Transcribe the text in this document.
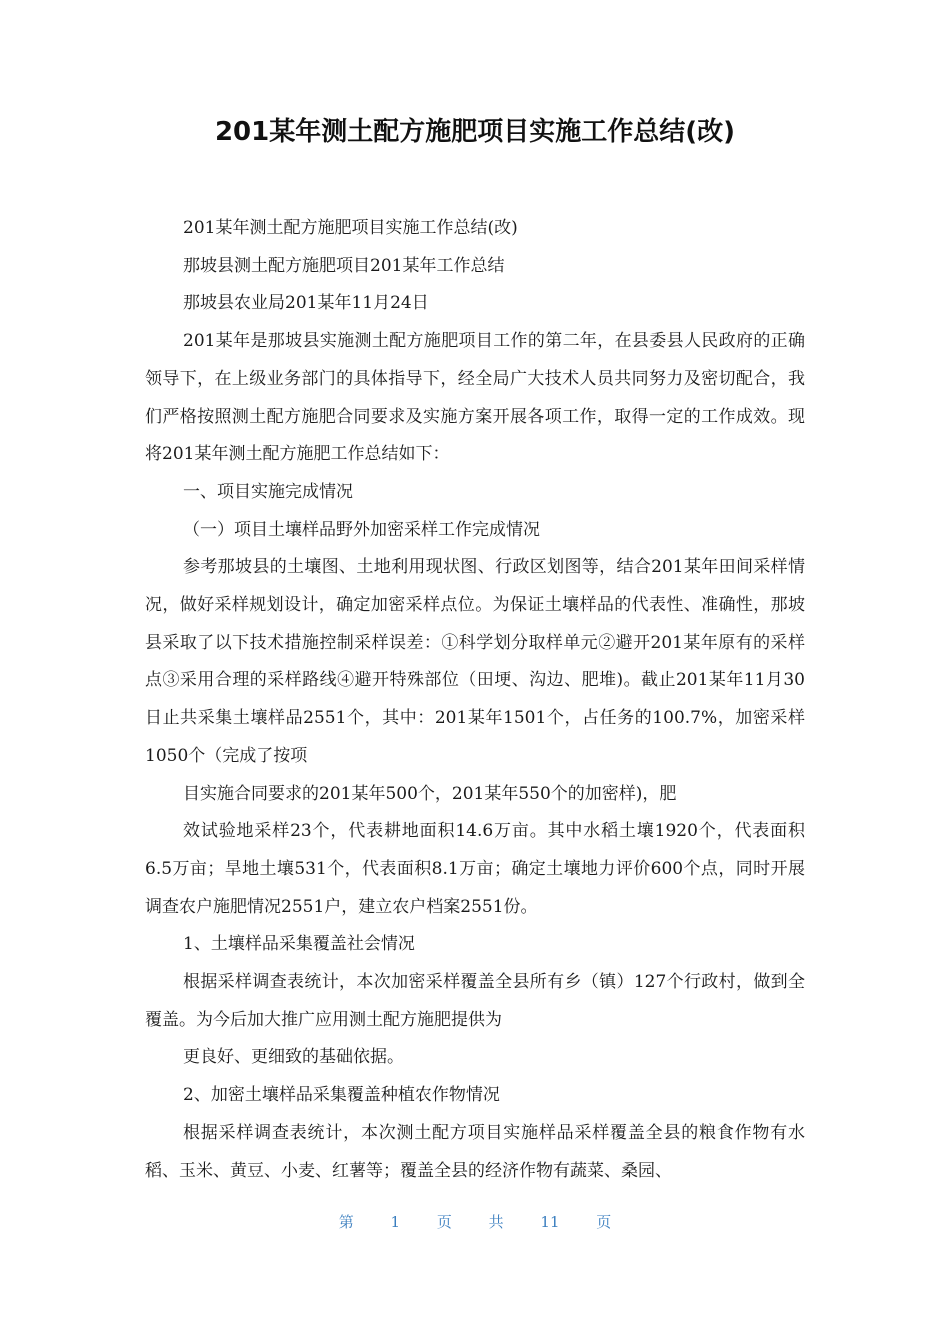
201某年测土配方施肥项目实施工作总结(改)

201某年测土配方施肥项目实施工作总结(改)

那坡县测土配方施肥项目201某年工作总结

那坡县农业局201某年11月24日

201某年是那坡县实施测土配方施肥项目工作的第二年，在县委县人民政府的正确领导下，在上级业务部门的具体指导下，经全局广大技术人员共同努力及密切配合，我们严格按照测土配方施肥合同要求及实施方案开展各项工作，取得一定的工作成效。现将201某年测土配方施肥工作总结如下：

一、项目实施完成情况

（一）项目土壤样品野外加密采样工作完成情况

参考那坡县的土壤图、土地利用现状图、行政区划图等，结合201某年田间采样情况，做好采样规划设计，确定加密采样点位。为保证土壤样品的代表性、准确性，那坡县采取了以下技术措施控制采样误差：①科学划分取样单元②避开201某年原有的采样点③采用合理的采样路线④避开特殊部位（田埂、沟边、肥堆)。截止201某年11月30日止共采集土壤样品2551个，其中：201某年1501个，占任务的100.7%，加密采样1050个（完成了按项

目实施合同要求的201某年500个，201某年550个的加密样)，肥

效试验地采样23个，代表耕地面积14.6万亩。其中水稻土壤1920个，代表面积6.5万亩；旱地土壤531个，代表面积8.1万亩；确定土壤地力评价600个点，同时开展调查农户施肥情况2551户，建立农户档案2551份。

1、土壤样品采集覆盖社会情况

根据采样调查表统计，本次加密采样覆盖全县所有乡（镇）127个行政村，做到全覆盖。为今后加大推广应用测土配方施肥提供为

更良好、更细致的基础依据。

2、加密土壤样品采集覆盖种植农作物情况

根据采样调查表统计，本次测土配方项目实施样品采样覆盖全县的粮食作物有水稻、玉米、黄豆、小麦、红薯等；覆盖全县的经济作物有蔬菜、桑园、

第 1 页 共 11 页
